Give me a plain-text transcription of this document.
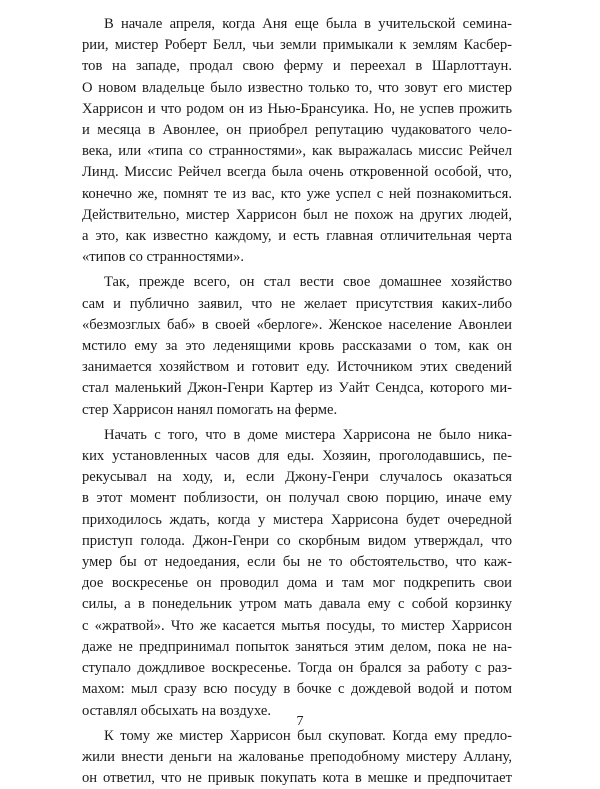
В начале апреля, когда Аня еще была в учительской семина-
рии, мистер Роберт Белл, чьи земли примыкали к землям Касбер-
тов на западе, продал свою ферму и переехал в Шарлоттаун.
О новом владельце было известно только то, что зовут его мистер
Харрисон и что родом он из Нью-Брансуика. Но, не успев прожить
и месяца в Авонлее, он приобрел репутацию чудаковатого чело-
века, или «типа со странностями», как выражалась миссис Рейчел
Линд. Миссис Рейчел всегда была очень откровенной особой, что,
конечно же, помнят те из вас, кто уже успел с ней познакомиться.
Действительно, мистер Харрисон был не похож на других людей,
а это, как известно каждому, и есть главная отличительная черта
«типов со странностями».

Так, прежде всего, он стал вести свое домашнее хозяйство
сам и публично заявил, что не желает присутствия каких-либо
«безмозглых баб» в своей «берлоге». Женское население Авонлеи
мстило ему за это леденящими кровь рассказами о том, как он
занимается хозяйством и готовит еду. Источником этих сведений
стал маленький Джон-Генри Картер из Уайт Сендса, которого ми-
стер Харрисон нанял помогать на ферме.

Начать с того, что в доме мистера Харрисона не было ника-
ких установленных часов для еды. Хозяин, проголодавшись, пе-
рекусывал на ходу, и, если Джону-Генри случалось оказаться
в этот момент поблизости, он получал свою порцию, иначе ему
приходилось ждать, когда у мистера Харрисона будет очередной
приступ голода. Джон-Генри со скорбным видом утверждал, что
умер бы от недоедания, если бы не то обстоятельство, что каж-
дое воскресенье он проводил дома и там мог подкрепить свои
силы, а в понедельник утром мать давала ему с собой корзинку
с «жратвой». Что же касается мытья посуды, то мистер Харрисон
даже не предпринимал попыток заняться этим делом, пока не на-
ступало дождливое воскресенье. Тогда он брался за работу с раз-
махом: мыл сразу всю посуду в бочке с дождевой водой и потом
оставлял обсыхать на воздухе.

К тому же мистер Харрисон был скуповат. Когда ему предло-
жили внести деньги на жалованье преподобному мистеру Аллану,
он ответил, что не привык покупать кота в мешке и предпочитает

7
